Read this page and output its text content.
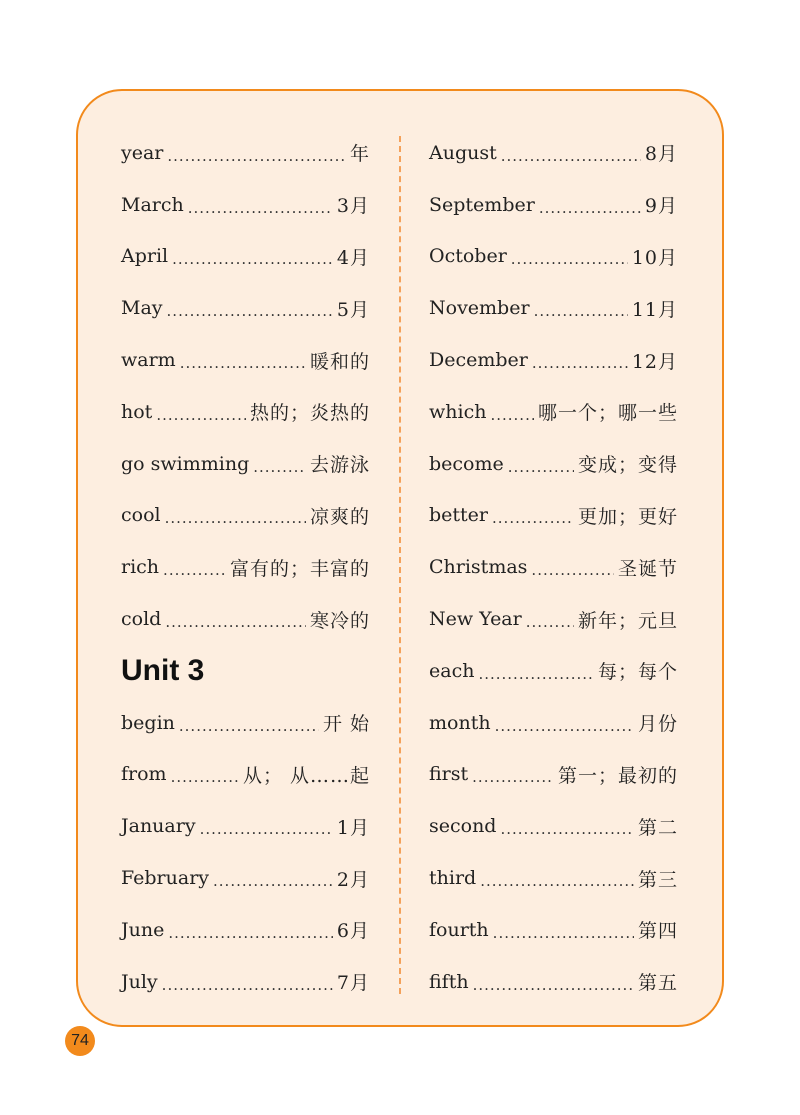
year .....	年
March .....	3月
April .....	4月
May .....	5月
warm .....	暖和的
hot .....	热的；炎热的
go swimming .....	去游泳
cool .....	凉爽的
rich .....	富有的；丰富的
cold .....	寒冷的
Unit 3
begin .....	开 始
from .....	从； 从……起
January .....	1月
February .....	2月
June .....	6月
July .....	7月
August .....	8月
September .....	9月
October .....	10月
November .....	11月
December .....	12月
which .....	哪一个；哪一些
become .....	变成；变得
better .....	更加；更好
Christmas .....	圣诞节
New Year .....	新年；元旦
each .....	每；每个
month .....	月份
first .....	第一；最初的
second .....	第二
third .....	第三
fourth .....	第四
fifth .....	第五
74
